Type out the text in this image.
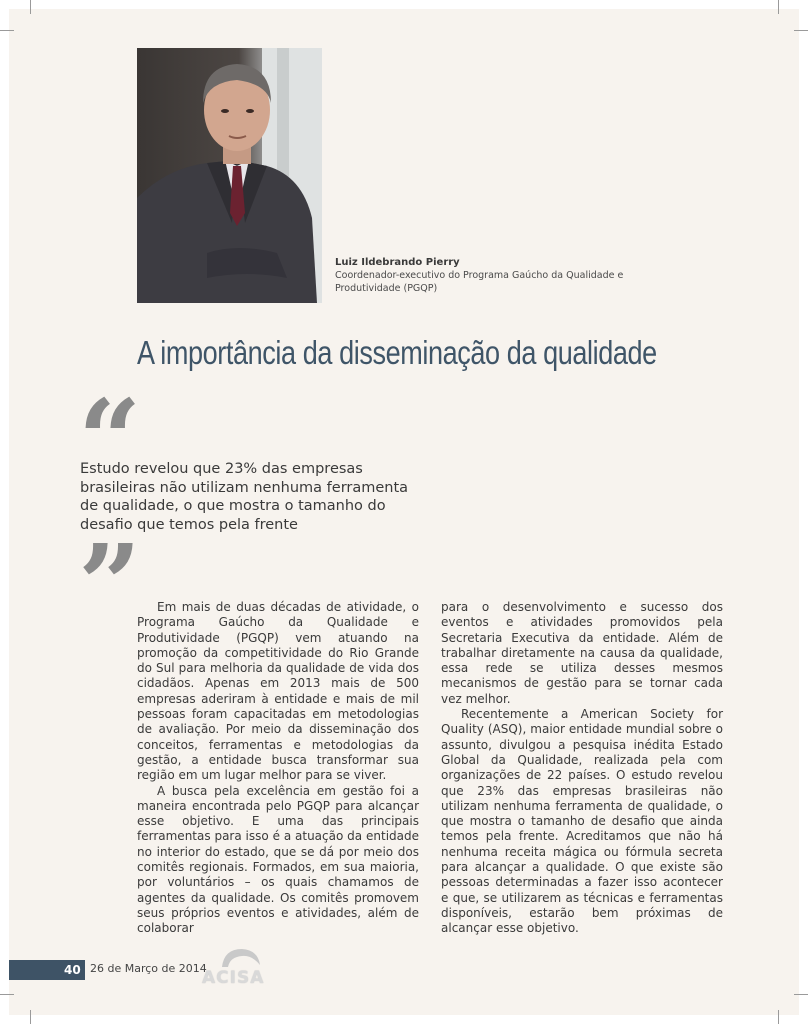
Luiz Ildebrando Pierry
Coordenador-executivo do Programa Gaúcho da Qualidade e Produtividade (PGQP)
A importância da disseminação da qualidade
“
Estudo revelou que 23% das empresas brasileiras não utilizam nenhuma ferramenta de qualidade, o que mostra o tamanho do desafio que temos pela frente
”	Em mais de duas décadas de atividade, o Programa Gaúcho da Qualidade e Produtividade (PGQP) vem atuando na promoção da competitividade do Rio Grande do Sul para melhoria da qualidade de vida dos cidadãos. Apenas em 2013 mais de 500 empresas aderiram à entidade e mais de mil pessoas foram capacitadas em metodologias de avaliação. Por meio da disseminação dos conceitos, ferramentas e metodologias da gestão, a entidade busca transformar sua região em um lugar melhor para se viver.

A busca pela excelência em gestão foi a maneira encontrada pelo PGQP para alcançar esse objetivo. E uma das principais ferramentas para isso é a atuação da entidade no interior do estado, que se dá por meio dos comitês regionais. Formados, em sua maioria, por voluntários – os quais chamamos de agentes da qualidade. Os comitês promovem seus próprios eventos e atividades, além de colaborar

para o desenvolvimento e sucesso dos eventos e atividades promovidos pela Secretaria Executiva da entidade. Além de trabalhar diretamente na causa da qualidade, essa rede se utiliza desses mesmos mecanismos de gestão para se tornar cada vez melhor.

Recentemente a American Society for Quality (ASQ), maior entidade mundial sobre o assunto, divulgou a pesquisa inédita Estado Global da Qualidade, realizada pela com organizações de 22 países. O estudo revelou que 23% das empresas brasileiras não utilizam nenhuma ferramenta de qualidade, o que mostra o tamanho de desafio que ainda temos pela frente. Acreditamos que não há nenhuma receita mágica ou fórmula secreta para alcançar a qualidade. O que existe são pessoas determinadas a fazer isso acontecer e que, se utilizarem as técnicas e ferramentas disponíveis, estarão bem próximas de alcançar esse objetivo.

40 26 de Março de 2014
ACISA
